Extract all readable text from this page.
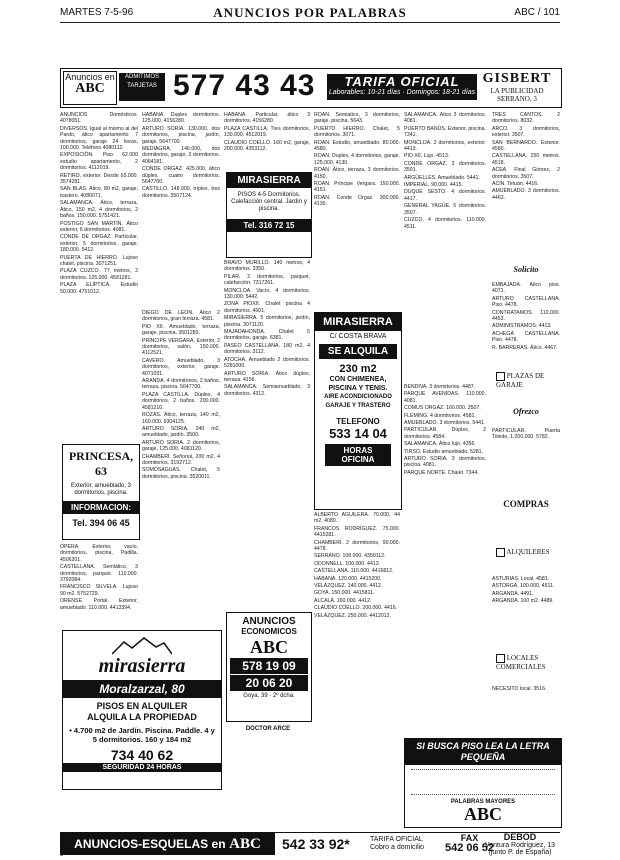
MARTES 7-5-96	ANUNCIOS POR PALABRAS	ABC / 101
Anuncios en
ABC
ADMITIMOS TARJETAS 577 43 43	TARIFA OFICIAL
Laborables: 10-21 días · Domingos: 18-21 días
GISBERT
LA PUBLICIDAD
SERRANO, 3

ANUNCIOS Domésticos. 4078051.

DIVERSOS. Igual al mismo al del Pardo, ático apartamento 7 dormitorios, garaje 24 horas, 100.000. Teléfono 4080112.

EXPOSICIÓN. Piso 62.000 estudio apartamento, 2 dormitorios. 4112019.

RETIRO, exterior. Desde 65.000. 3574281.

SAN BLAS. Ático, 80 m2, garaje, trastero. 4080071.

SALAMANCA. Ático, terraza. Ático, 150 m2, 4 dormitorios, 2 baños. 150.000. 5751421.

POSTIGO SAN MARTÍN. Ático exterior, 6 dormitorios. 4081.

CONDE DE ORGAZ. Particular, exterior, 5 dormitorios, garaje, 180.000. 5412.

PUERTA DE HIERRO. Lujoso chalet, piscina. 3071251.

PLAZA CUZCO. 77 metros, 2 dormitorios. 125.000. 4581281.

PLAZA ELÍPTICA. Estudio 50.000. 4751012.

PRINCESA, 63
Exterior, amueblado, 3 dormitorios, piscina.
INFORMACION:
Tel. 394 06 45

OPERA. Exterior, vacío, dormitorios, piscina, Padilla. 4506201.

CASTELLANA. Semiático, 3 dormitorios, parquet. 110.000. 3792084.

FRANCISCO SILVELA. Lujoso 90 m2. 5752729.

ORENSE. Portal. Exterior, amueblado. 110.000. 4413394.

HABANA. Duplex dormitorios. 125.000. 4156280.

ARTURO SORIA. 130.000, dos dormitorios, piscina, jardín, garaje. 5647700.

MEDIAGRA. 146.000, dos dormitorios, garaje, 3 dormitorios. 4064181.

CONDE ORGAZ. 425.000, ático dúplex, cuatro dormitorios. 5647700.

CASTILLO. 148.000, tríplex, tres dormitorios. 3507124.

DIEGO DE LEÓN. Ático 2 dormitorios, gran terraza. 4581.

PIO XII. Amueblado, terraza, garaje, piscina. 3501283.

PRÍNCIPE VERGARA. Exterior, 2 dormitorios, salón, 150.000. 4112521.

CAVERO. Amueblado, 3 dormitorios, exterior, garaje. 4071031.

ARANDA. 4 dormitorios, 2 baños, terraza, piscina. 5647700.

PLAZA CASTILLA. Dúplex, 4 dormitorios, 2 baños. 200.000. 4581210.

ROZAS. Ático, terraza, 140 m2, 160.000. 6304125.

ARTURO SORIA. 240 m2, amueblado, jardín. 3500.

ARTURO SORIA. 2 dormitorios, garaje, 125.000. 4081120.

CHAMBERÍ. Señorial, 200 m2, 4 dormitorios. 3192712.

SOMOSAGUAS. Chalet, 5 dormitorios, piscina. 3520011.

HABANA. Particular, ático 3 dormitorios. 4156280.

PLAZA CASTILLA. Tres dormitorios, 130.000. 4512019.

CLAUDIO COELLO. 160 m2, garaje, 200.000. 4353112.

MIRASIERRA
PISOS 4-5 Dormitorios. Calefacción central. Jardín y piscina.
Tel. 316 72 15

BRAVO MURILLO. 140 metros, 4 dormitorios. 3350.

PILAR. 2 dormitorios, parquet, calefacción. 7317261.

MONCLOA. Vacío, 4 dormitorios. 130.000. 5442.

ZONA PIOXII. Chalet piscina 4 dormitorios. 4501.

MIRASIERRA. 5 dormitorios, jardín, piscina. 3071120.

MAJADAHONDA. Chalet 5 dormitorios, garaje. 6381.

PASEO CASTELLANA. 180 m2, 4 dormitorios. 3112.

ATOCHA. Amueblado 2 dormitorios. 5281000.

ARTURO SORIA. Ático dúplex, terraza. 4156.

SALAMANCA. Semiamueblado, 3 dormitorios. 4312.

ROAN. Semiatico, 3 dormitorios, garaje, piscina. 5643.

PUERTO HIERRO. Chalet, 5 dormitorios. 3071.

ROAN. Estudio, amueblado. 80.000. 4580.

ROAN. Duplex, 4 dormitorios, garaje. 125.000. 4130.

ROAN. Ático, terraza, 3 dormitorios. 4150.

ROAN. Príncipe Vergara. 150.000. 4151.

ROAN. Conde Orgaz. 300.000. 4130.

MIRASIERRA
C/ COSTA BRAVA
SE ALQUILA
230 m2
CON CHIMENEA,
PISCINA Y TENIS.
AIRE ACONDICIONADO
GARAJE Y TRASTERO
TELEFONO
533 14 04
HORAS
OFICINA

ALBERTO AGUILERA. 70.000, 44 m2. 4080.

FRANCOS RODRÍGUEZ. 75.000. 4415281.

CHAMBERÍ. 2 dormitorios, 90.000. 4478.

SERRANO. 108.000. 4350112.

ODONNELL. 100.000. 4413.

CASTELLANA. 110.000. 4416812.

HABANA. 120.000. 4415200.

VELÁZQUEZ. 140.000. 4412.

GOYA. 150.000. 4415811.

ALCALÁ. 160.000. 4412.

CLAUDIO COELLO. 200.000. 4416.

VELÁZQUEZ. 250.000. 4412012.

ANUNCIOS
ECONOMICOS
ABC
578 19 09
20 06 20
Goya, 39 · 2º dcha.
DOCTOR ARCE
mirasierra
Moralzarzal, 80
PISOS EN ALQUILER
ALQUILA LA PROPIEDAD
• 4.700 m2 de Jardín. Piscina. Paddle. 4 y 5 dormitorios. 160 y 184 m2
734 40 62
SEGURIDAD 24 HORAS

SALAMANCA. Ático 3 dormitorios. 4081.

PUERTO BANÚS. Exterior, piscina. 7341.

MONCLOA. 2 dormitorios, exterior. 4413.

PIO XII. Lujo. 4513.

CONDE ORGAZ. 3 dormitorios. 3501.

ARGÜELLES. Amueblado. 5441.

IMPERIAL. 90.000. 4415.

DUQUE SESTO. 4 dormitorios. 4417.

GENERAL YAGÜE. 5 dormitorios. 3507.

CUZCO. 4 dormitorios. 110.000. 4511.

BENDIVA. 3 dormitorios. 4487.

PARQUE AVENIDAS. 110.000. 4081.

COMUS ORGAZ. 160.000. 3507.

FLEMING. 4 dormitorios. 4581.

AMUEBLADO. 3 dormitorios. 5441.

PARTICULAR. Dúplex, 2 dormitorios. 4584.

SALAMANCA. Ático lujo. 4356.

TIRSO. Estudio amueblado. 5281.

ARTURO SORIA. 3 dormitorios, piscina. 4081.

PARQUE NORTE. Chalet. 7344.

TRES CANTOS. 2 dormitorios. 8032.

ARCO. 3 dormitorios, exterior. 3507.

SAN BERNARDO. Exterior. 4580.

CASTELLANA. 250 metros. 4518.

ACEA. Final Gómez, 2 dormitorios. 3507.

ACIN. Tetuán. 4416.

AMUEBLADO. 3 dormitorios. 4463.

Solicito

EMBAJADA. Ático piso. 4071.

ARTURO CASTELLANA. Piso. 4478.

CONTRATAMOS. 110.000. 4453.

ADMINISTRAMOS. 4413.

ACHEGA CASTELLANA. Piso. 4478.

R. BARRERAS. Ático. 4467.

PLAZAS DE GARAJE
Ofrezco

PARTICULAR. Puerta Toledo, 1.200.000. 5782.

COMPRAS
ALQUILERES

ASTURIAS. Local. 4581.

ASTORGA. 100.000. 4511.

ARGANDA. 4491.

ARGANDA. 100 m2. 4489.

LOCALES COMERCIALES

NECESITO local. 3516.

SI BUSCA PISO LEA LA LETRA
PEQUEÑA
PALABRAS MAYORES
ABC
ANUNCIOS-ESQUELAS en ABC	542 33 92*	TARIFA OFICIAL
Cobro a domicilio
FAX
542 06 52
DEBOD
Ventura Rodríguez, 13 (junto P. de España)
6
